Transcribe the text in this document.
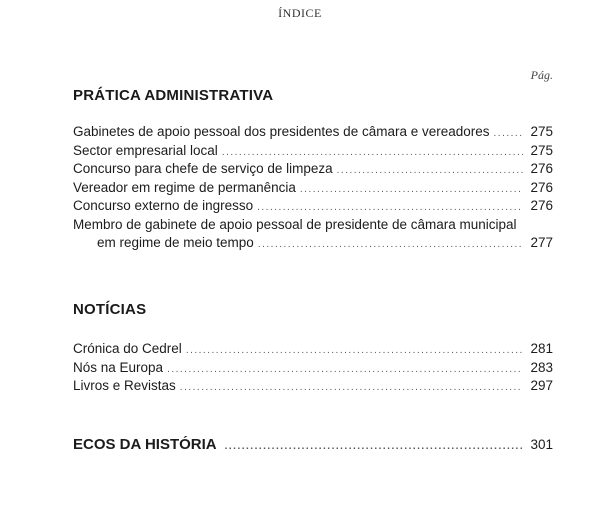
ÍNDICE
Pág.
PRÁTICA ADMINISTRATIVA
Gabinetes de apoio pessoal dos presidentes de câmara e vereadores .....	275
Sector empresarial local .....	275
Concurso para chefe de serviço de limpeza .....	276
Vereador em regime de permanência .....	276
Concurso externo de ingresso .....	276
Membro de gabinete de apoio pessoal de presidente de câmara municipal
em regime de meio tempo .....	277
NOTÍCIAS
Crónica do Cedrel .....	281
Nós na Europa .....	283
Livros e Revistas .....	297
ECOS DA HISTÓRIA .....	301
